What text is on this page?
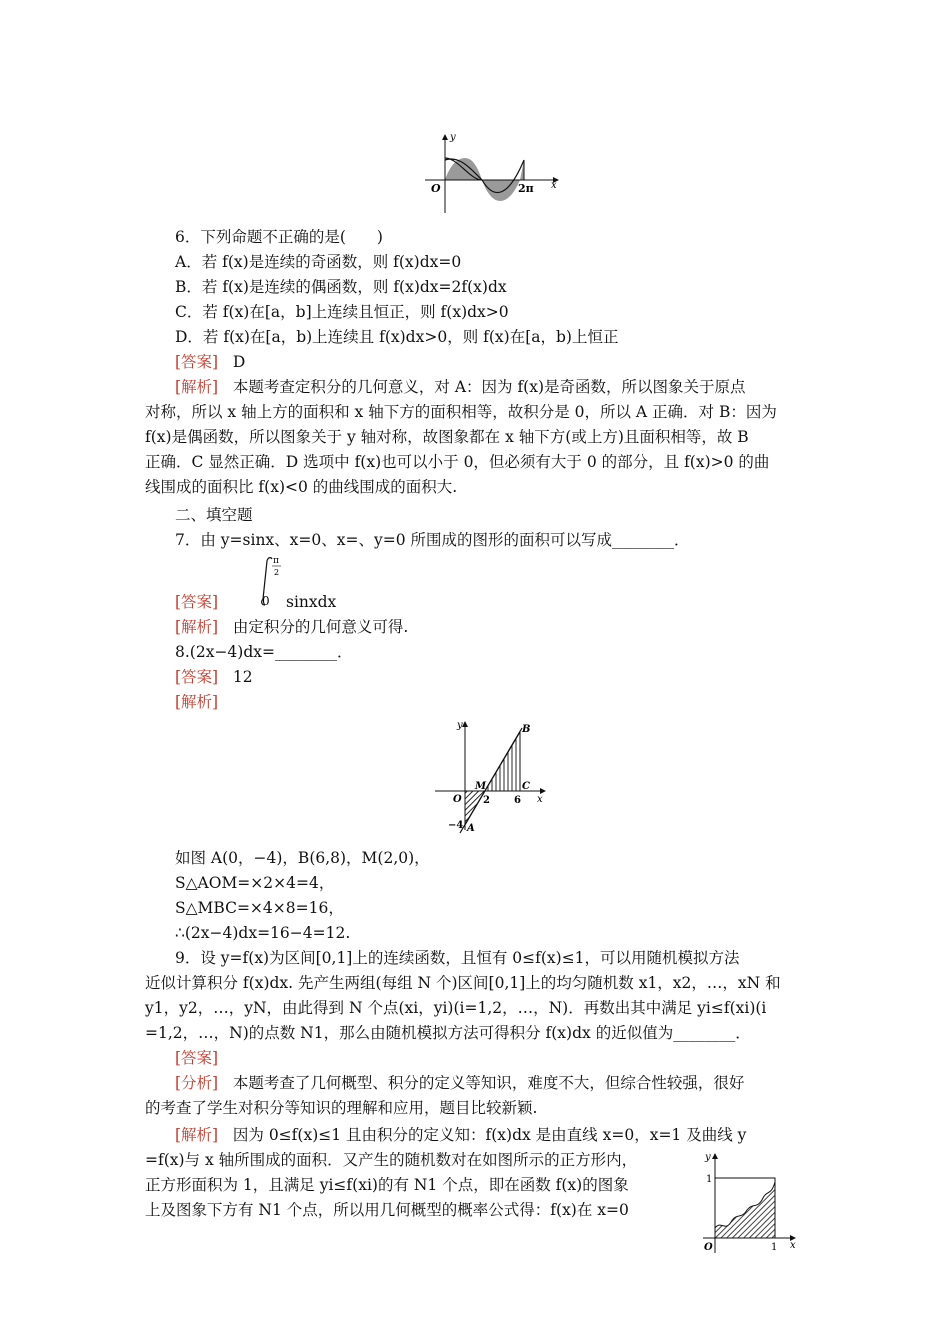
y
x
O	2π
6．下列命题不正确的是(　　)
A．若 f(x)是连续的奇函数，则 f(x)dx=0
B．若 f(x)是连续的偶函数，则 f(x)dx=2f(x)dx
C．若 f(x)在[a，b]上连续且恒正，则 f(x)dx>0
D．若 f(x)在[a，b)上连续且 f(x)dx>0，则 f(x)在[a，b)上恒正
[答案] D
[解析] 本题考查定积分的几何意义，对 A：因为 f(x)是奇函数，所以图象关于原点
对称，所以 x 轴上方的面积和 x 轴下方的面积相等，故积分是 0，所以 A 正确．对 B：因为
f(x)是偶函数，所以图象关于 y 轴对称，故图象都在 x 轴下方(或上方)且面积相等，故 B
正确．C 显然正确．D 选项中 f(x)也可以小于 0，但必须有大于 0 的部分，且 f(x)>0 的曲
线围成的面积比 f(x)<0 的曲线围成的面积大.
二、填空题
7．由 y=sinx、x=0、x=、y=0 所围成的图形的面积可以写成________．
[答案]
π
2
0 sinxdx
[解析] 由定积分的几何意义可得.
8.(2x−4)dx=________．
[答案] 12
[解析]
y	B
M	C
O 2 6 x
−4 A
如图 A(0，−4)，B(6,8)，M(2,0)，
S△AOM=×2×4=4，
S△MBC=×4×8=16，
∴(2x−4)dx=16−4=12.
9．设 y=f(x)为区间[0,1]上的连续函数，且恒有 0≤f(x)≤1，可以用随机模拟方法
近似计算积分 f(x)dx. 先产生两组(每组 N 个)区间[0,1]上的均匀随机数 x1，x2，…，xN 和
y1，y2，…，yN，由此得到 N 个点(xi，yi)(i=1,2，…，N)．再数出其中满足 yi≤f(xi)(i
=1,2，…，N)的点数 N1，那么由随机模拟方法可得积分 f(x)dx 的近似值为________．
[答案]
[分析] 本题考查了几何概型、积分的定义等知识，难度不大，但综合性较强，很好
的考查了学生对积分等知识的理解和应用，题目比较新颖.
[解析] 因为 0≤f(x)≤1 且由积分的定义知：f(x)dx 是由直线 x=0，x=1 及曲线 y
=f(x)与 x 轴所围成的面积．又产生的随机数对在如图所示的正方形内，
正方形面积为 1，且满足 yi≤f(xi)的有 N1 个点，即在函数 f(x)的图象
上及图象下方有 N1 个点，所以用几何概型的概率公式得：f(x)在 x=0
y
1
O	1 x
